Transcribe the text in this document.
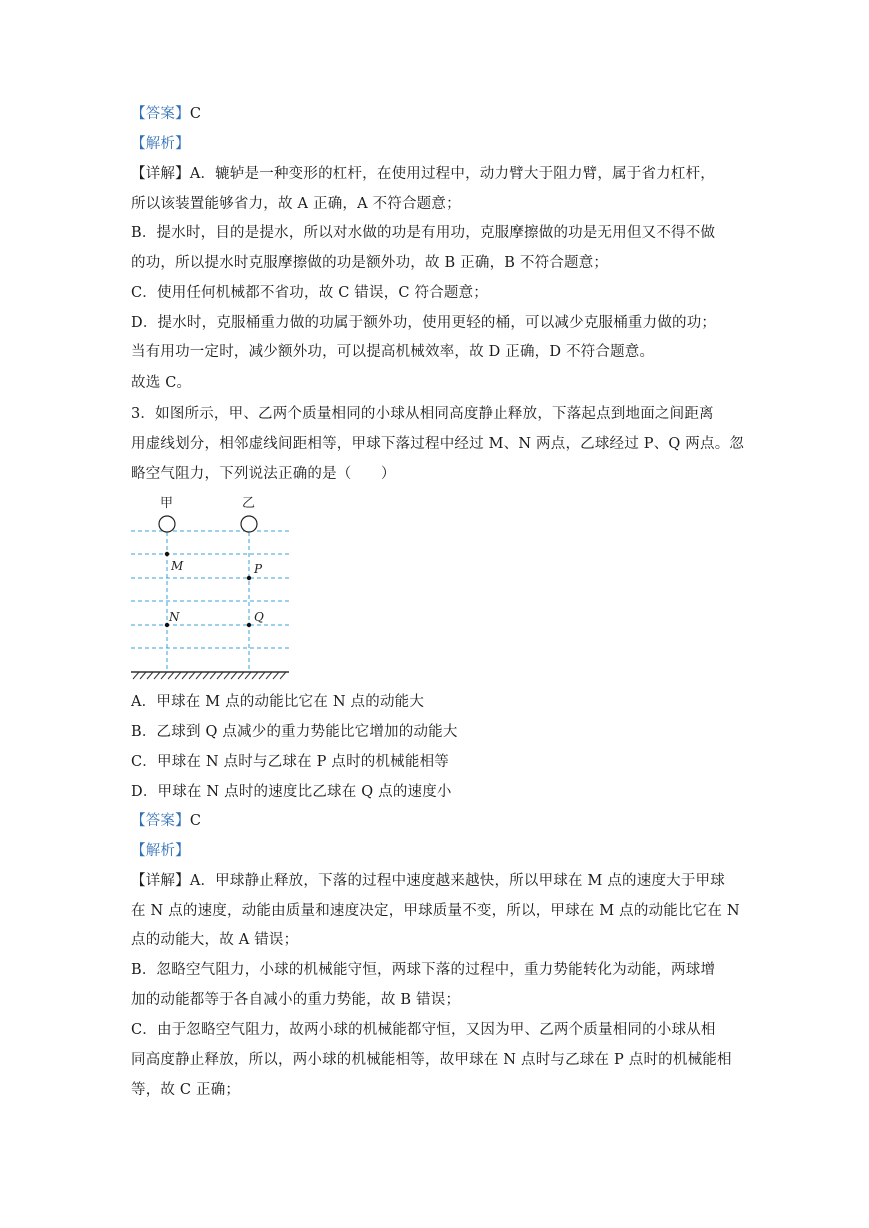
【答案】C
【解析】
【详解】A．辘轳是一种变形的杠杆，在使用过程中，动力臂大于阻力臂，属于省力杠杆，
所以该装置能够省力，故 A 正确，A 不符合题意；
B．提水时，目的是提水，所以对水做的功是有用功，克服摩擦做的功是无用但又不得不做
的功，所以提水时克服摩擦做的功是额外功，故 B 正确，B 不符合题意；
C．使用任何机械都不省功，故 C 错误，C 符合题意；
D．提水时，克服桶重力做的功属于额外功，使用更轻的桶，可以减少克服桶重力做的功；
当有用功一定时，减少额外功，可以提高机械效率，故 D 正确，D 不符合题意。
故选 C。
3．如图所示，甲、乙两个质量相同的小球从相同高度静止释放，下落起点到地面之间距离
用虚线划分，相邻虚线间距相等，甲球下落过程中经过 M、N 两点，乙球经过 P、Q 两点。忽
略空气阻力，下列说法正确的是（　　）
甲	乙
M
N
P
Q
A．甲球在 M 点的动能比它在 N 点的动能大
B．乙球到 Q 点减少的重力势能比它增加的动能大
C．甲球在 N 点时与乙球在 P 点时的机械能相等
D．甲球在 N 点时的速度比乙球在 Q 点的速度小
【答案】C
【解析】
【详解】A．甲球静止释放，下落的过程中速度越来越快，所以甲球在 M 点的速度大于甲球
在 N 点的速度，动能由质量和速度决定，甲球质量不变，所以，甲球在 M 点的动能比它在 N
点的动能大，故 A 错误；
B．忽略空气阻力，小球的机械能守恒，两球下落的过程中，重力势能转化为动能，两球增
加的动能都等于各自减小的重力势能，故 B 错误；
C．由于忽略空气阻力，故两小球的机械能都守恒，又因为甲、乙两个质量相同的小球从相
同高度静止释放，所以，两小球的机械能相等，故甲球在 N 点时与乙球在 P 点时的机械能相
等，故 C 正确；
